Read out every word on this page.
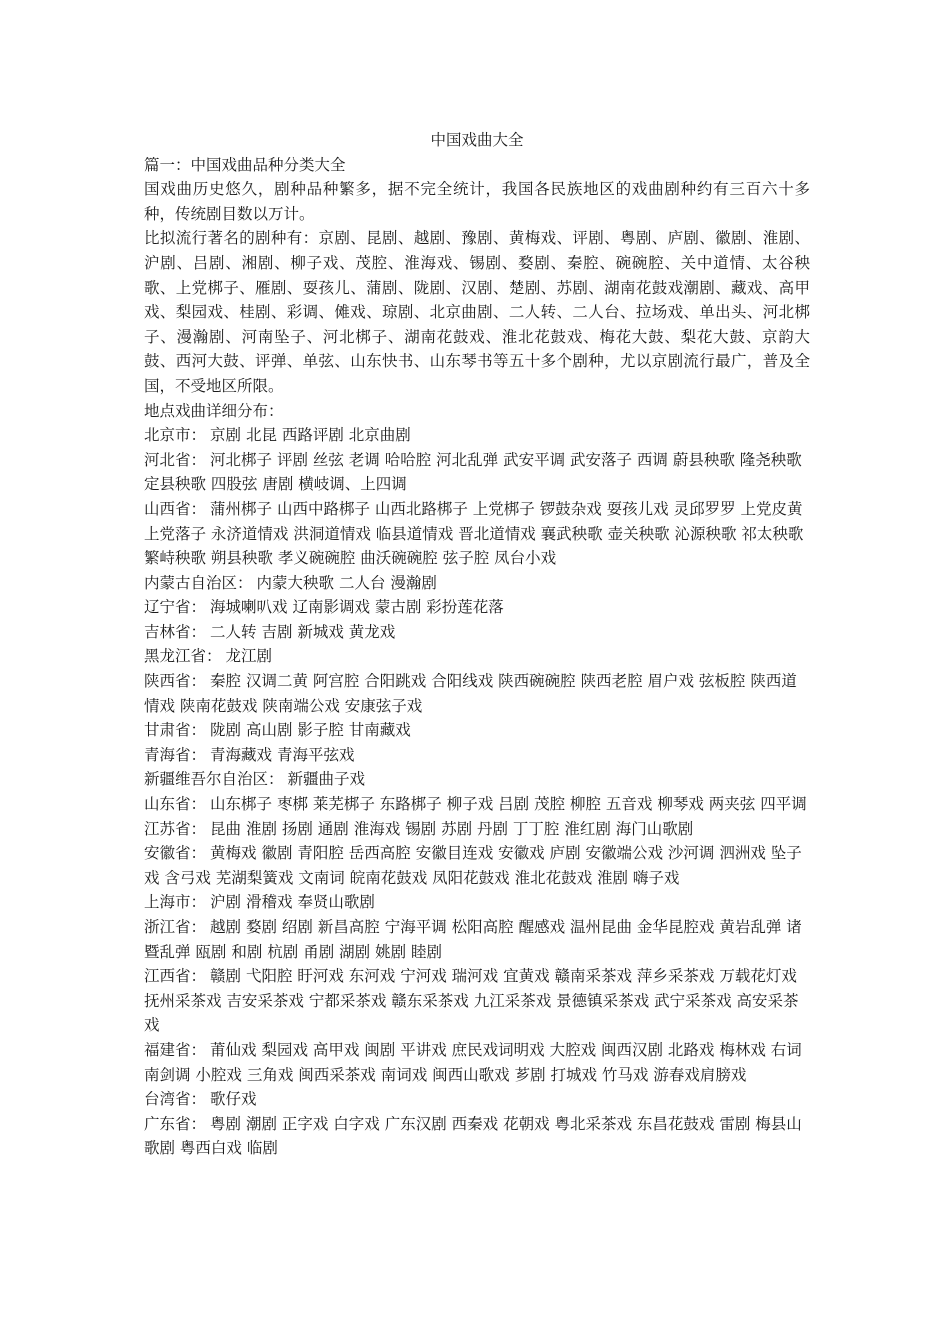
中国戏曲大全

篇一：中国戏曲品种分类大全

国戏曲历史悠久，剧种品种繁多，据不完全统计，我国各民族地区的戏曲剧种约有三百六十多种，传统剧目数以万计。

比拟流行著名的剧种有：京剧、昆剧、越剧、豫剧、黄梅戏、评剧、粤剧、庐剧、徽剧、淮剧、沪剧、吕剧、湘剧、柳子戏、茂腔、淮海戏、锡剧、婺剧、秦腔、碗碗腔、关中道情、太谷秧歌、上党梆子、雁剧、耍孩儿、蒲剧、陇剧、汉剧、楚剧、苏剧、湖南花鼓戏潮剧、藏戏、高甲戏、梨园戏、桂剧、彩调、傩戏、琼剧、北京曲剧、二人转、二人台、拉场戏、单出头、河北梆子、漫瀚剧、河南坠子、河北梆子、湖南花鼓戏、淮北花鼓戏、梅花大鼓、梨花大鼓、京韵大鼓、西河大鼓、评弹、单弦、山东快书、山东琴书等五十多个剧种，尤以京剧流行最广，普及全国，不受地区所限。

地点戏曲详细分布：

北京市： 京剧 北昆 西路评剧 北京曲剧

河北省： 河北梆子 评剧 丝弦 老调 哈哈腔 河北乱弹 武安平调 武安落子 西调 蔚县秧歌 隆尧秧歌 定县秧歌 四股弦 唐剧 横岐调、上四调

山西省： 蒲州梆子 山西中路梆子 山西北路梆子 上党梆子 锣鼓杂戏 耍孩儿戏 灵邱罗罗 上党皮黄 上党落子 永济道情戏 洪洞道情戏 临县道情戏 晋北道情戏 襄武秧歌 壶关秧歌 沁源秧歌 祁太秧歌 繁峙秧歌 朔县秧歌 孝义碗碗腔 曲沃碗碗腔 弦子腔 凤台小戏

内蒙古自治区： 内蒙大秧歌 二人台 漫瀚剧

辽宁省： 海城喇叭戏 辽南影调戏 蒙古剧 彩扮莲花落

吉林省： 二人转 吉剧 新城戏 黄龙戏

黑龙江省： 龙江剧

陕西省： 秦腔 汉调二黄 阿宫腔 合阳跳戏 合阳线戏 陕西碗碗腔 陕西老腔 眉户戏 弦板腔 陕西道情戏 陕南花鼓戏 陕南端公戏 安康弦子戏

甘肃省： 陇剧 高山剧 影子腔 甘南藏戏

青海省： 青海藏戏 青海平弦戏

新疆维吾尔自治区： 新疆曲子戏

山东省： 山东梆子 枣梆 莱芜梆子 东路梆子 柳子戏 吕剧 茂腔 柳腔 五音戏 柳琴戏 两夹弦 四平调

江苏省： 昆曲 淮剧 扬剧 通剧 淮海戏 锡剧 苏剧 丹剧 丁丁腔 淮红剧 海门山歌剧

安徽省： 黄梅戏 徽剧 青阳腔 岳西高腔 安徽目连戏 安徽戏 庐剧 安徽端公戏 沙河调 泗洲戏 坠子戏 含弓戏 芜湖梨簧戏 文南词 皖南花鼓戏 凤阳花鼓戏 淮北花鼓戏 淮剧 嗨子戏

上海市： 沪剧 滑稽戏 奉贤山歌剧

浙江省： 越剧 婺剧 绍剧 新昌高腔 宁海平调 松阳高腔 醒感戏 温州昆曲 金华昆腔戏 黄岩乱弹 诸暨乱弹 瓯剧 和剧 杭剧 甬剧 湖剧 姚剧 睦剧

江西省： 赣剧 弋阳腔 盱河戏 东河戏 宁河戏 瑞河戏 宜黄戏 赣南采茶戏 萍乡采茶戏 万载花灯戏 抚州采茶戏 吉安采茶戏 宁都采茶戏 赣东采茶戏 九江采茶戏 景德镇采茶戏 武宁采茶戏 高安采茶戏

福建省： 莆仙戏 梨园戏 高甲戏 闽剧 平讲戏 庶民戏词明戏 大腔戏 闽西汉剧 北路戏 梅林戏 右词南剑调 小腔戏 三角戏 闽西采茶戏 南词戏 闽西山歌戏 芗剧 打城戏 竹马戏 游春戏肩膀戏

台湾省： 歌仔戏

广东省： 粤剧 潮剧 正字戏 白字戏 广东汉剧 西秦戏 花朝戏 粤北采茶戏 东昌花鼓戏 雷剧 梅县山歌剧 粤西白戏 临剧
